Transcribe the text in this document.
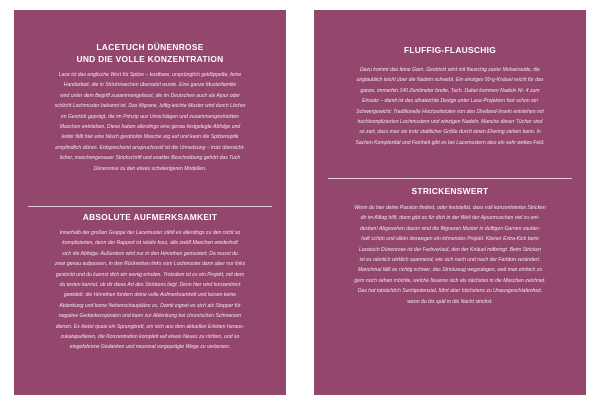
LACETUCH DÜNENROSE
UND DIE VOLLE KONZENTRATION
Lace ist das englische Wort für Spitze – kostbare, ursprünglich geklöppelte, feine
Handarbeit, die in Strickmaschen übersetzt wurde. Eine ganze Musterfamilie
wird unter dem Begriff zusammengefasst, die im Deutschen auch als Ajour oder
schlicht Lochmuster bekannt ist. Das filigrane, luftig-leichte Muster wird durch Löcher
im Gestrick geprägt, die im Prinzip aus Umschlägen und zusammengestrickten
Maschen entstehen. Diese haben allerdings eine genau festgelegte Abfolge und
leider fällt hier eine falsch gestrickte Masche arg auf und kann die Spitzenoptik
empfindlich stören. Entsprechend anspruchsvoll ist die Umsetzung – trotz übersicht-
licher, maschengenauer Strickschrift und exakter Beschreibung gehört das Tuch
Dünenrose zu den etwas schwierigeren Modellen.
ABSOLUTE AUFMERKSAMKEIT
Innerhalb der großen Gruppe der Lacemuster zählt es allerdings zu den nicht so
komplizierten, denn der Rapport ist relativ kurz, alle zwölf Maschen wiederholt
sich die Abfolge. Außerdem wird nur in den Hinreihen gemustert. Da musst du
zwar genau aufpassen, in den Rückreihen links vom Lochmuster dann aber nur links
gestrickt und du kannst dich ein wenig erholen. Trotzdem ist es ein Projekt, mit dem
du testen kannst, ob dir diese Art des Strickens liegt. Denn hier wird konzentriert
gewidelt, die Hinreihen fordern deine volle Aufmerksamkeit und lassen keine
Ablenkung und keine Nebenschauplätze zu. Damit eignet es sich als Stopper für
negative Gedankenspiralen und kann zur Ablenkung bei chronischen Schmerzen
dienen. Es bietet quasi ein Sprungbrett, um sich aus dem aktuellen Erleben heraus-
zukatapultieren, die Konzentration komplett auf etwas Neues zu richten, und so
eingefahrene Gedanken und neuronal vorgeprägte Wege zu verlassen.
FLUFFIG-FLAUSCHIG
Dazu kommt das feine Garn. Gestrickt wird mit flauschig zarter Mohairseide, die
unglaublich leicht über die Nadeln schwebt. Ein einziges 50-g-Knäuel reicht für das
ganze, immerhin 140 Zentimeter breite, Tuch. Dabei kommen Nadeln Nr. 4 zum
Einsatz – damit ist das ultraleichte Design unter Lace-Projekten fast schon ein
Schwergewicht: Traditionelle Hochzeitstolen von den Shetland-Inseln entstehen mit
hochkomplizierten Lochmustern und winzigen Nadeln. Manche dieser Tücher sind
so zart, dass man sie trotz stattlicher Größe durch einen Ehering ziehen kann. In
Sachen Komplexität und Feinheit gibt es bei Lacemustern also ein sehr weites Feld.
STRICKENSWERT
Wenn du hier deine Passion findest, oder feststellst, dass voll konzentriertes Stricken
dir im Alltag hilft, dann gibt es für dich in der Welt der Ajourmuschen viel zu ent-
decken! Abgesehen davon sind die filigranen Muster in duftigen Garnen zauber-
haft schön und allein deswegen ein lohnendes Projekt. Kleiner Extra-Kick beim
Lacetuch Dünenrose ist der Farbverlauf, den der Knäuel mitbringt. Beim Stricken
ist es nämlich wirklich spannend, wie sich nach und nach der Farbton verändert.
Manchmal fällt es richtig schwer, das Strickzeug wegzulegen, weil man einfach zu
gern noch sehen möchte, welche Nuance sich als nächstes in die Maschen zeichnet.
Das hat tatsächlich Suchtpotenzial, führt aber höchstens zu Unausgeschlafenheit,
wenn du bis spät in die Nacht strickst.
